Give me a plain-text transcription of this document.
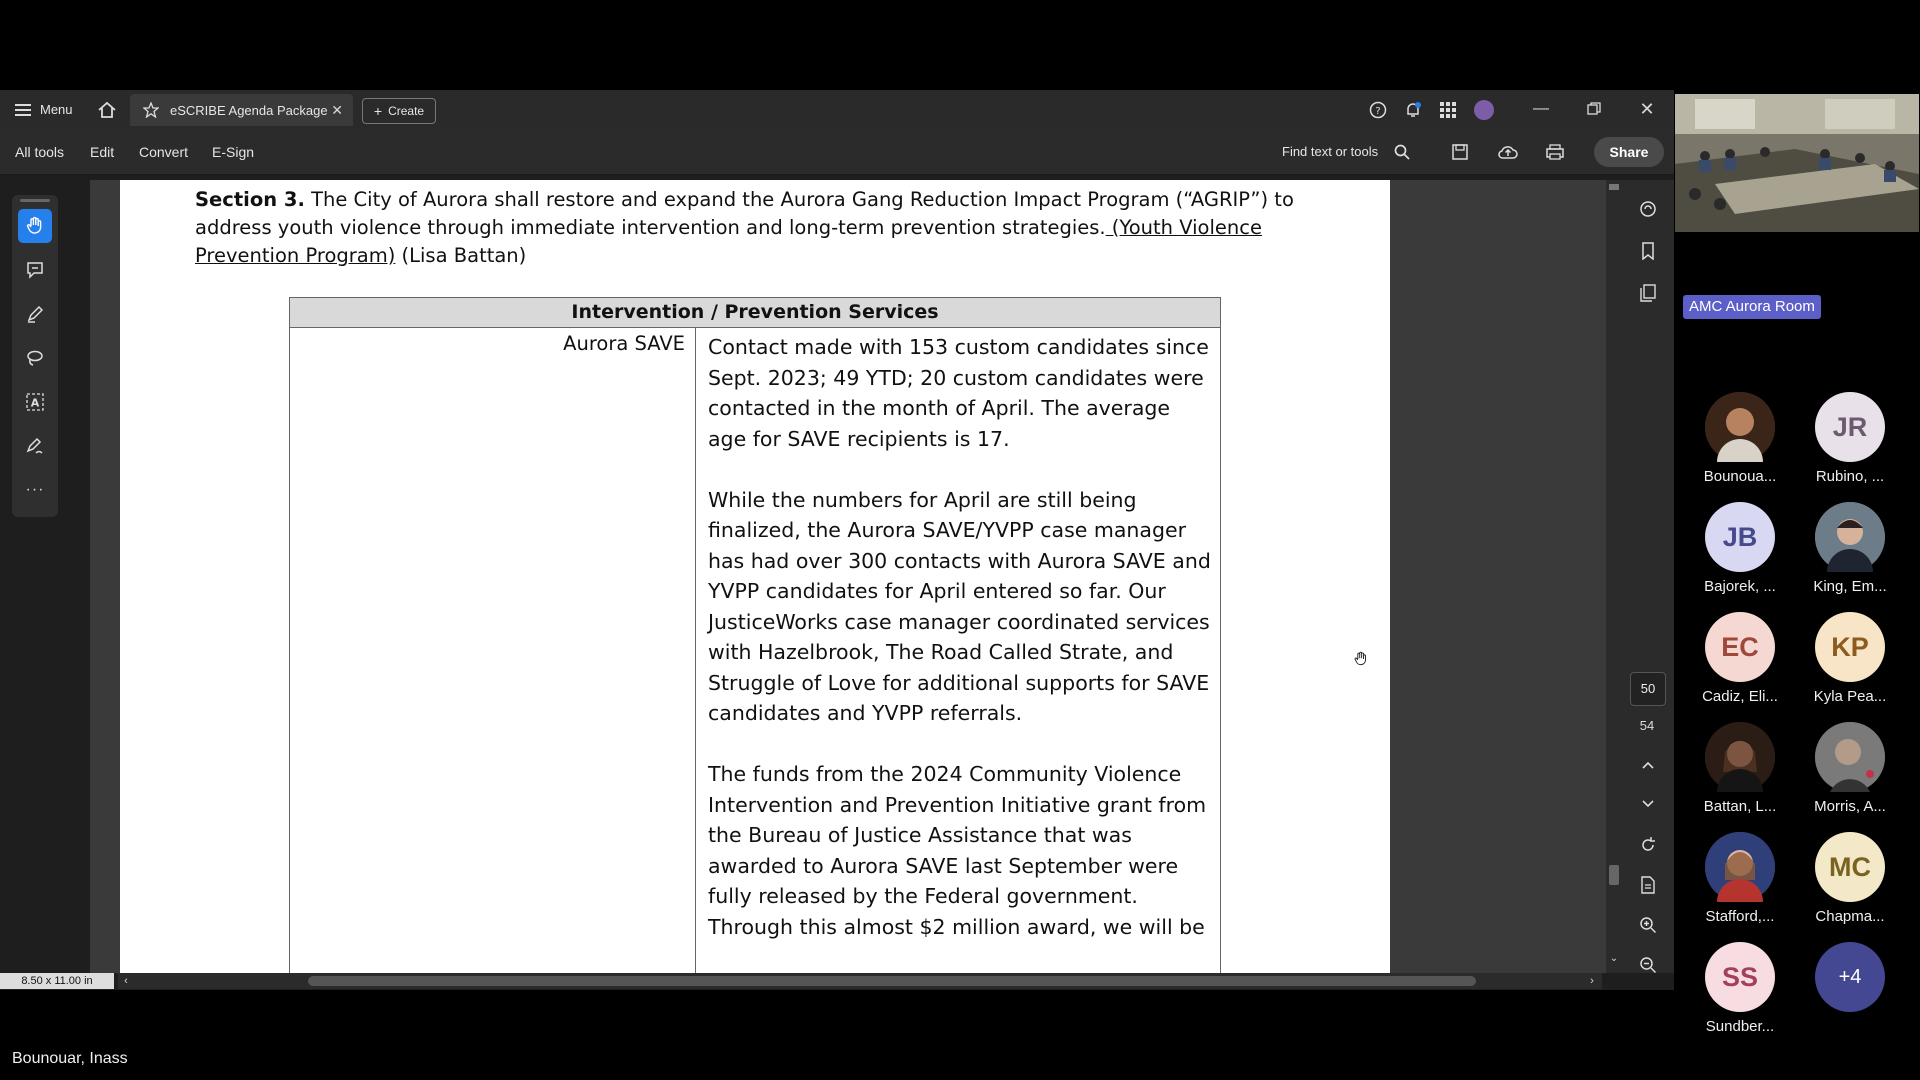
Menu	eSCRIBE Agenda Package ✕ + Create	?	—	✕
All tools Edit Convert E-Sign	Find text or tools	Share
A
···
Section 3. The City of Aurora shall restore and expand the Aurora Gang Reduction Impact Program (“AGRIP”) to address youth violence through immediate intervention and long-term prevention strategies. (Youth Violence Prevention Program) (Lisa Battan)
Intervention / Prevention Services
Aurora SAVE	Contact made with 153 custom candidates since Sept. 2023; 49 YTD; 20 custom candidates were contacted in the month of April. The average age for SAVE recipients is 17.

While the numbers for April are still being finalized, the Aurora SAVE/YVPP case manager has had over 300 contacts with Aurora SAVE and YVPP candidates for April entered so far. Our JusticeWorks case manager coordinated services with Hazelbrook, The Road Called Strate, and Struggle of Love for additional supports for SAVE candidates and YVPP referrals.

The funds from the 2024 Community Violence Intervention and Prevention Initiative grant from the Bureau of Justice Assistance that was awarded to Aurora SAVE last September were fully released by the Federal government. Through this almost $2 million award, we will be

⌄
8.50 x 11.00 in	‹	›
50
54
AMC Aurora Room
Bounoua...
JR
Rubino, ...
JB
Bajorek, ...	King, Em...
EC
Cadiz, Eli...
KP
Kyla Pea...
Battan, L...	Morris, A...
Stafford,...
MC
Chapma...
SS
Sundber...
+4
Bounouar, Inass
